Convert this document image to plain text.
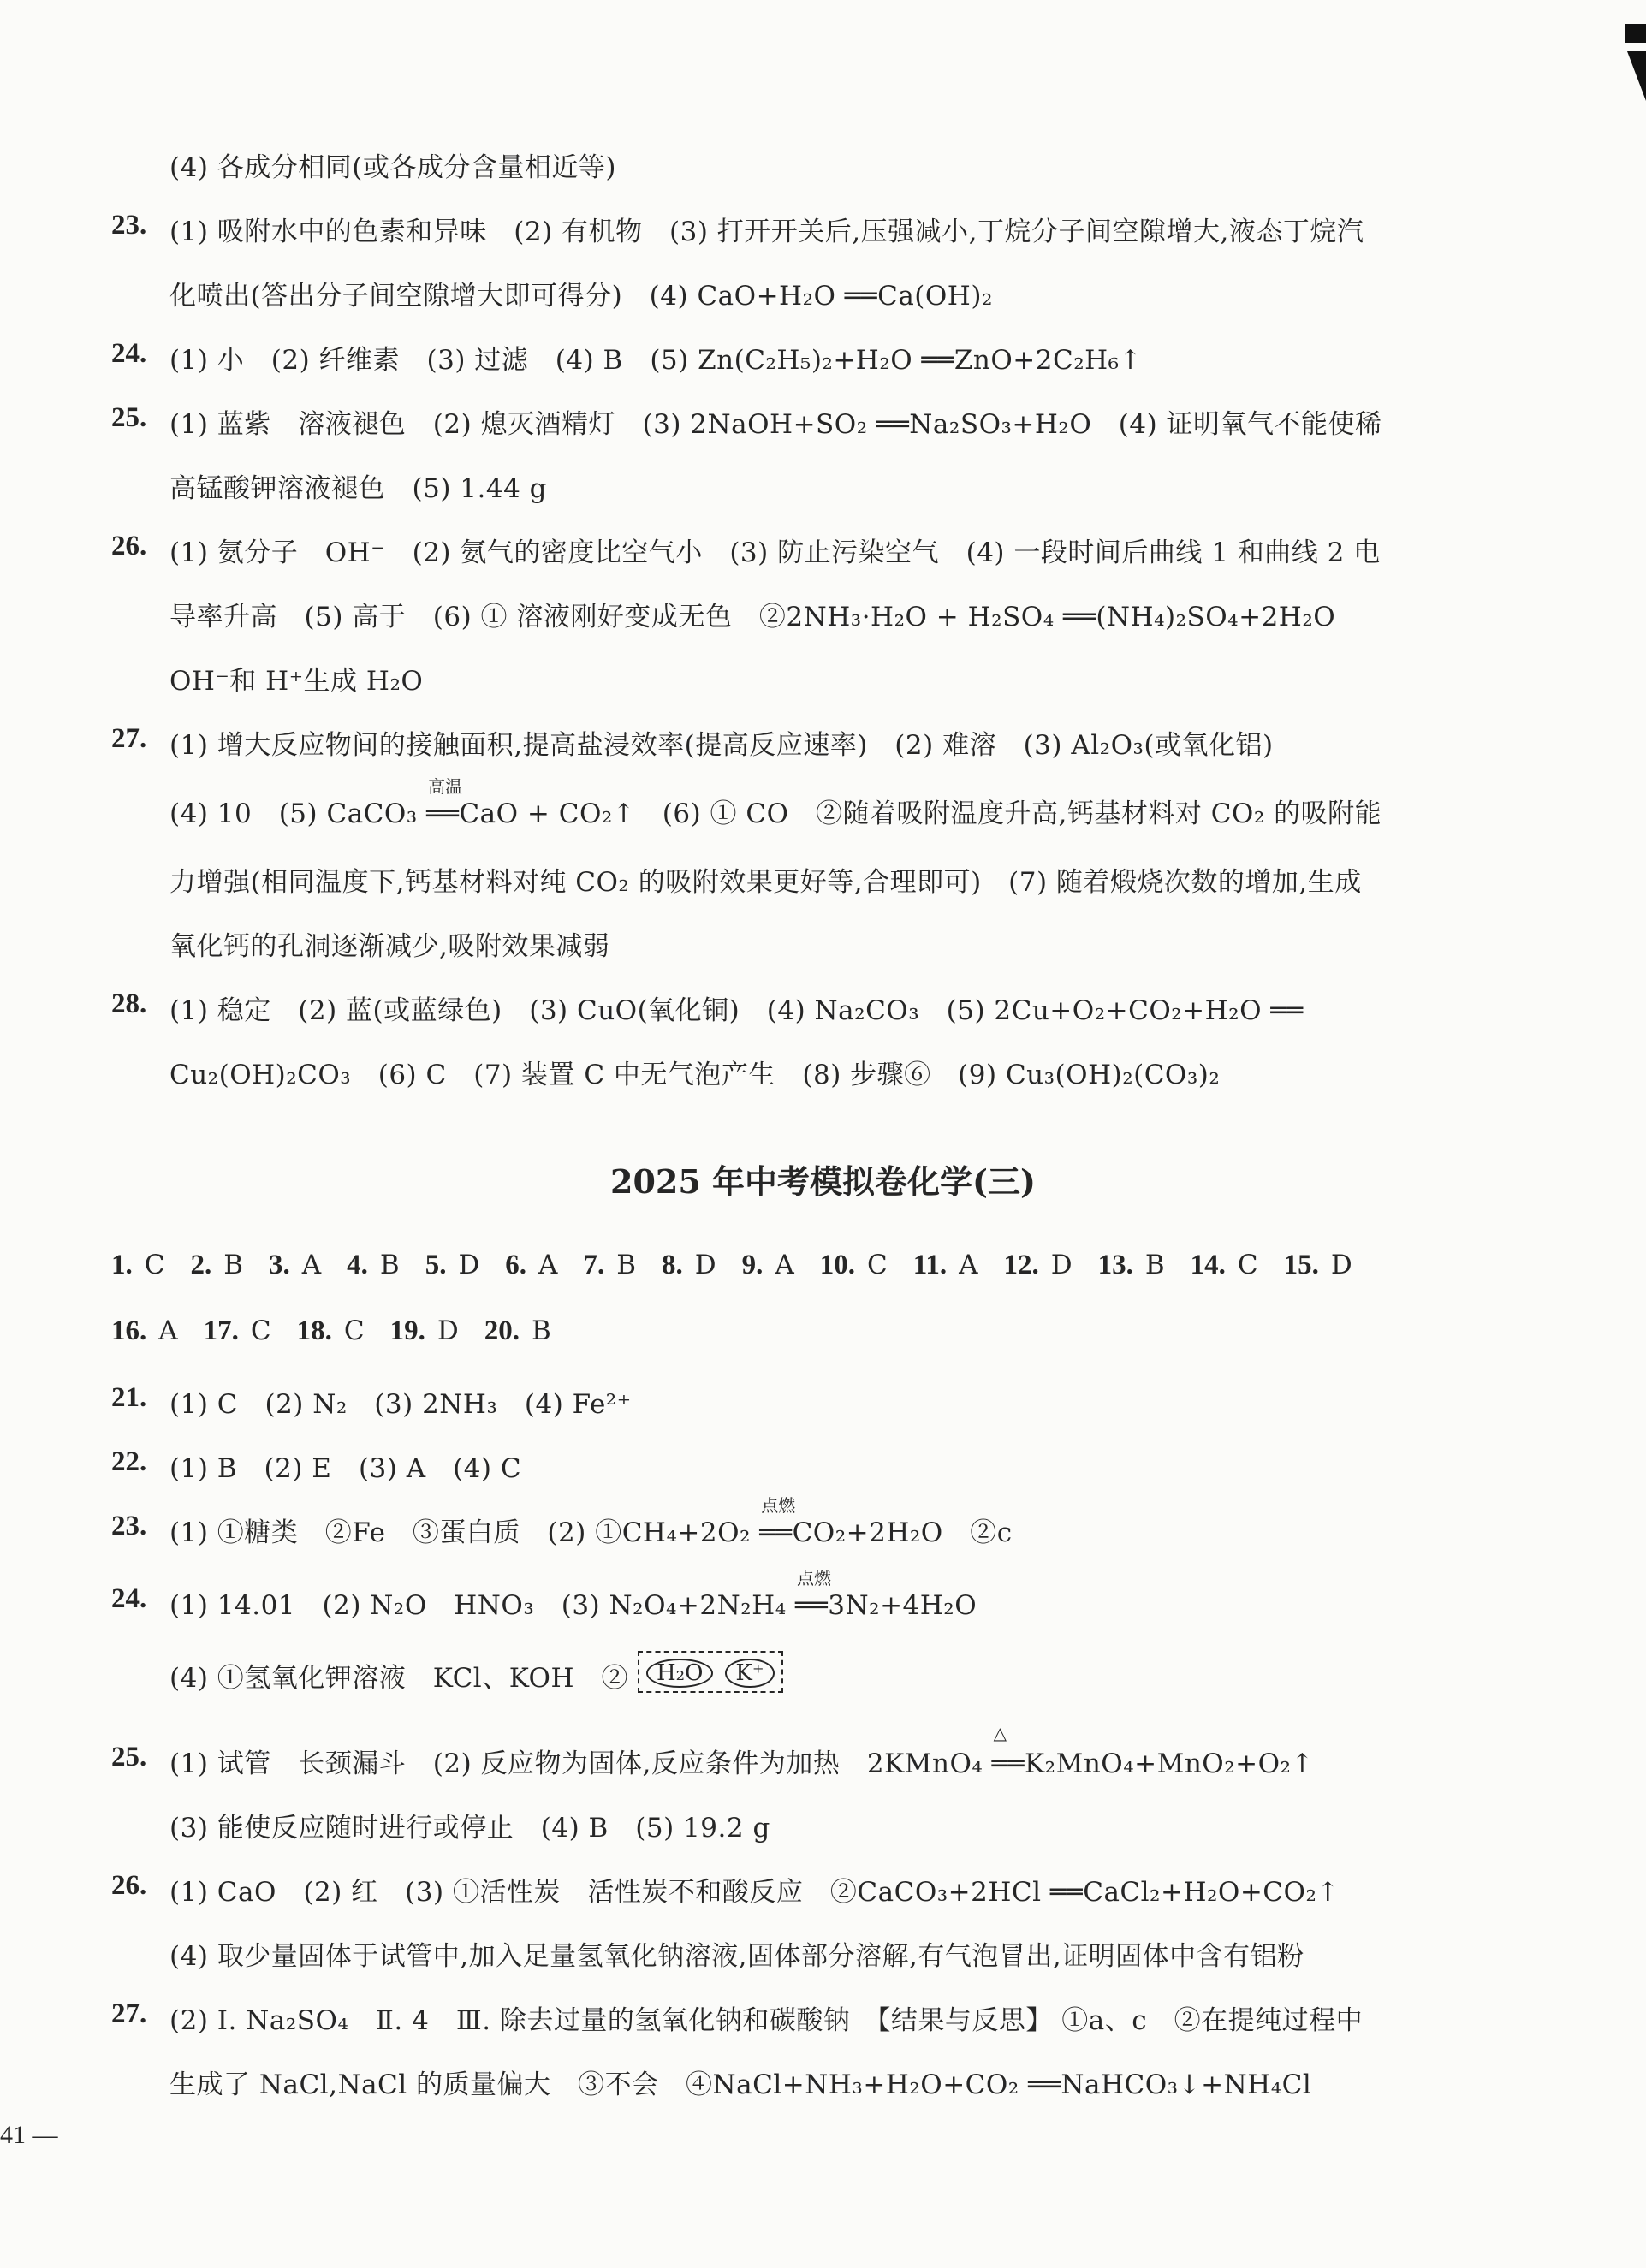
(4) 各成分相同(或各成分含量相近等)
23. (1) 吸附水中的色素和异味　(2) 有机物　(3) 打开开关后,压强减小,丁烷分子间空隙增大,液态丁烷汽
化喷出(答出分子间空隙增大即可得分)　(4) CaO+H₂O ══Ca(OH)₂
24. (1) 小　(2) 纤维素　(3) 过滤　(4) B　(5) Zn(C₂H₅)₂+H₂O ══ZnO+2C₂H₆↑
25. (1) 蓝紫　溶液褪色　(2) 熄灭酒精灯　(3) 2NaOH+SO₂ ══Na₂SO₃+H₂O　(4) 证明氧气不能使稀
高锰酸钾溶液褪色　(5) 1.44 g
26. (1) 氨分子　OH⁻　(2) 氨气的密度比空气小　(3) 防止污染空气　(4) 一段时间后曲线 1 和曲线 2 电
导率升高　(5) 高于　(6) ① 溶液刚好变成无色　②2NH₃·H₂O + H₂SO₄ ══(NH₄)₂SO₄+2H₂O
OH⁻和 H⁺生成 H₂O
27. (1) 增大反应物间的接触面积,提高盐浸效率(提高反应速率)　(2) 难溶　(3) Al₂O₃(或氧化铝)
(4) 10　(5) CaCO₃ ══CaO + CO₂↑　(6) ① CO　②随着吸附温度升高,钙基材料对 CO₂ 的吸附能
高温
力增强(相同温度下,钙基材料对纯 CO₂ 的吸附效果更好等,合理即可)　(7) 随着煅烧次数的增加,生成
氧化钙的孔洞逐渐减少,吸附效果减弱
28. (1) 稳定　(2) 蓝(或蓝绿色)　(3) CuO(氧化铜)　(4) Na₂CO₃　(5) 2Cu+O₂+CO₂+H₂O ══
Cu₂(OH)₂CO₃　(6) C　(7) 装置 C 中无气泡产生　(8) 步骤⑥　(9) Cu₃(OH)₂(CO₃)₂
2025 年中考模拟卷化学(三)
1. C 2. B 3. A 4. B 5. D 6. A 7. B 8. D 9. A 10. C 11. A 12. D 13. B 14. C 15. D
16. A 17. C 18. C 19. D 20. B
21. (1) C　(2) N₂　(3) 2NH₃　(4) Fe²⁺
22. (1) B　(2) E　(3) A　(4) C
23. (1) ①糖类　②Fe　③蛋白质　(2) ①CH₄+2O₂ ══CO₂+2H₂O　②c
点燃
24. (1) 14.01　(2) N₂O　HNO₃　(3) N₂O₄+2N₂H₄ ══3N₂+4H₂O
点燃
(4) ①氢氧化钾溶液　KCl、KOH　②	H₂O K⁺
25. (1) 试管　长颈漏斗　(2) 反应物为固体,反应条件为加热　2KMnO₄ ══K₂MnO₄+MnO₂+O₂↑
△
(3) 能使反应随时进行或停止　(4) B　(5) 19.2 g
26. (1) CaO　(2) 红　(3) ①活性炭　活性炭不和酸反应　②CaCO₃+2HCl ══CaCl₂+H₂O+CO₂↑
(4) 取少量固体于试管中,加入足量氢氧化钠溶液,固体部分溶解,有气泡冒出,证明固体中含有铝粉
27. (2) Ⅰ. Na₂SO₄　Ⅱ. 4　Ⅲ. 除去过量的氢氧化钠和碳酸钠　【结果与反思】 ①a、c　②在提纯过程中
生成了 NaCl,NaCl 的质量偏大　③不会　④NaCl+NH₃+H₂O+CO₂ ══NaHCO₃↓+NH₄Cl
41 —
